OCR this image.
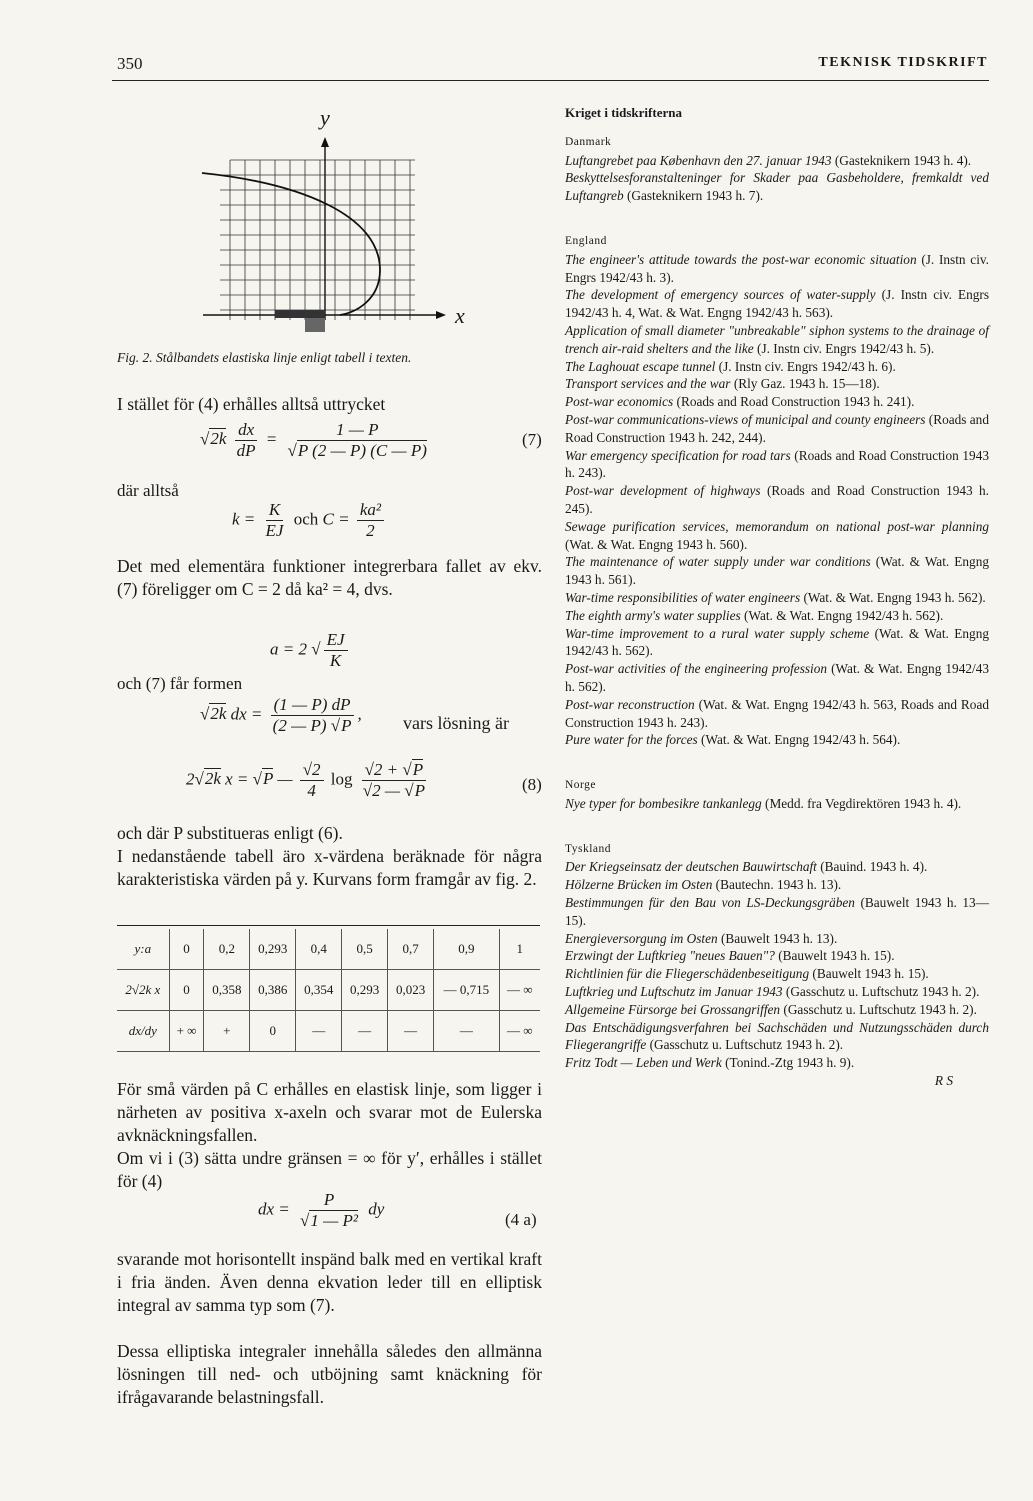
350	TEKNISK TIDSKRIFT
y
x
Fig. 2. Stålbandets elastiska linje enligt tabell i texten.
I stället för (4) erhålles alltså uttrycket
$√2k \frac{dx}{dP} = \frac{1 — P}{√P (2 — P) (C — P)}$	(7)
där alltså
$k = \frac{K}{EJ}$ och $C = \frac{\text{ka²}}{2}$
Det med elementära funktioner integrerbara fallet av ekv. (7) föreligger om C = 2 då ka² = 4, dvs.
a = 2 √ $\frac{EJ}{K}$
och (7) får formen
√2k dx = $\frac{(1 — P) dP}{(2 — P) √P}$ , vars lösning är
2√2k x = √P — $\frac{√2}{4}$ $\log \frac{√2 + √P}{√2 — √P}$	(8)
och där P substitueras enligt (6).
I nedanstående tabell äro x-värdena beräknade för några karakteristiska värden på y. Kurvans form framgår av fig. 2.
y:a	0	0,2	0,293	0,4	0,5	0,7	0,9	1
2√2k x	0	0,358	0,386	0,354	0,293	0,023	— 0,715	— ∞
dx/dy	+ ∞	+	0	—	—	—	—	— ∞
För små värden på C erhålles en elastisk linje, som ligger i närheten av positiva x-axeln och svarar mot de Eulerska avknäckningsfallen.
Om vi i (3) sätta undre gränsen = ∞ för y′, erhålles i stället för (4)
dx = $\frac{P}{\text{√1 — P²}}$ dy
(4 a)
svarande mot horisontellt inspänd balk med en vertikal kraft i fria änden. Även denna ekvation leder till en elliptisk integral av samma typ som (7).
Dessa elliptiska integraler innehålla således den allmänna lösningen till ned- och utböjning samt knäckning för ifrågavarande belastningsfall.

Kriget i tidskrifterna

Danmark

Luftangrebet paa København den 27. januar 1943 (Gasteknikern 1943 h. 4).

Beskyttelsesforanstalteninger for Skader paa Gasbeholdere, fremkaldt ved Luftangreb (Gasteknikern 1943 h. 7).

England

The engineer's attitude towards the post-war economic situation (J. Instn civ. Engrs 1942/43 h. 3).

The development of emergency sources of water-supply (J. Instn civ. Engrs 1942/43 h. 4, Wat. & Wat. Engng 1942/43 h. 563).

Application of small diameter "unbreakable" siphon systems to the drainage of trench air-raid shelters and the like (J. Instn civ. Engrs 1942/43 h. 5).

The Laghouat escape tunnel (J. Instn civ. Engrs 1942/43 h. 6).

Transport services and the war (Rly Gaz. 1943 h. 15—18).

Post-war economics (Roads and Road Construction 1943 h. 241).

Post-war communications-views of municipal and county engineers (Roads and Road Construction 1943 h. 242, 244).

War emergency specification for road tars (Roads and Road Construction 1943 h. 243).

Post-war development of highways (Roads and Road Construction 1943 h. 245).

Sewage purification services, memorandum on national post-war planning (Wat. & Wat. Engng 1943 h. 560).

The maintenance of water supply under war conditions (Wat. & Wat. Engng 1943 h. 561).

War-time responsibilities of water engineers (Wat. & Wat. Engng 1943 h. 562).

The eighth army's water supplies (Wat. & Wat. Engng 1942/43 h. 562).

War-time improvement to a rural water supply scheme (Wat. & Wat. Engng 1942/43 h. 562).

Post-war activities of the engineering profession (Wat. & Wat. Engng 1942/43 h. 562).

Post-war reconstruction (Wat. & Wat. Engng 1942/43 h. 563, Roads and Road Construction 1943 h. 243).

Pure water for the forces (Wat. & Wat. Engng 1942/43 h. 564).

Norge

Nye typer for bombesikre tankanlegg (Medd. fra Vegdirektören 1943 h. 4).

Tyskland

Der Kriegseinsatz der deutschen Bauwirtschaft (Bauind. 1943 h. 4).

Hölzerne Brücken im Osten (Bautechn. 1943 h. 13).

Bestimmungen für den Bau von LS-Deckungsgräben (Bauwelt 1943 h. 13—15).

Energieversorgung im Osten (Bauwelt 1943 h. 13).

Erzwingt der Luftkrieg "neues Bauen"? (Bauwelt 1943 h. 15).

Richtlinien für die Fliegerschädenbeseitigung (Bauwelt 1943 h. 15).

Luftkrieg und Luftschutz im Januar 1943 (Gasschutz u. Luftschutz 1943 h. 2).

Allgemeine Fürsorge bei Grossangriffen (Gasschutz u. Luftschutz 1943 h. 2).

Das Entschädigungsverfahren bei Sachschäden und Nutzungsschäden durch Fliegerangriffe (Gasschutz u. Luftschutz 1943 h. 2).

Fritz Todt — Leben und Werk (Tonind.-Ztg 1943 h. 9).

R S
